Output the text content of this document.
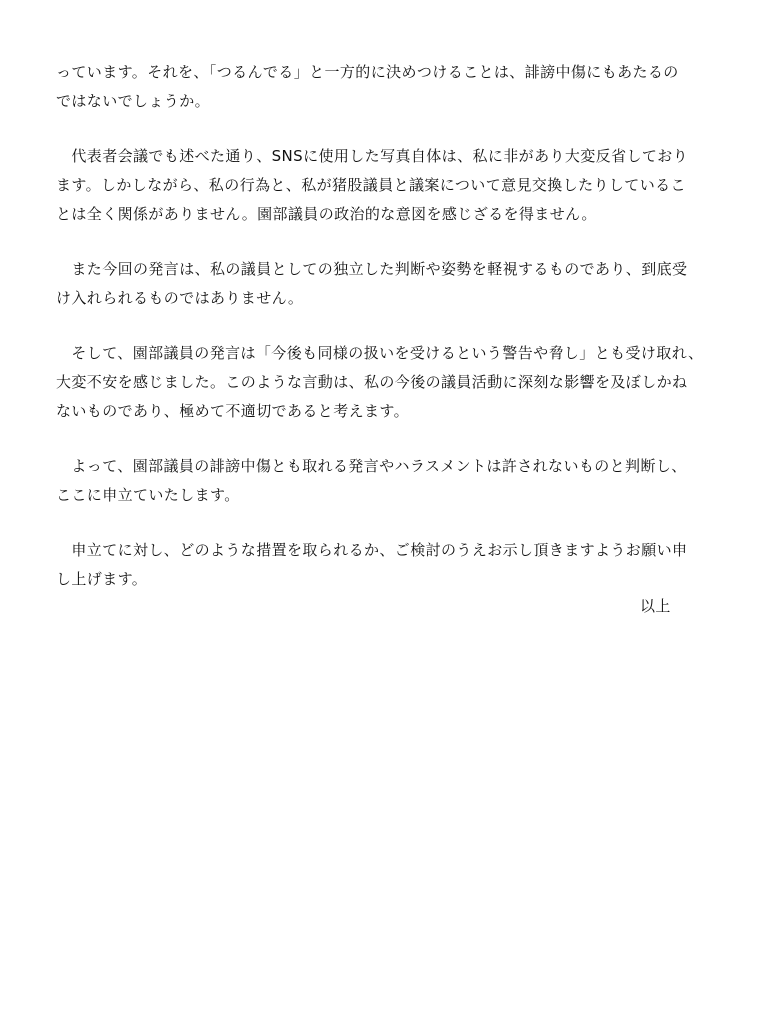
っています。それを、「つるんでる」と一方的に決めつけることは、誹謗中傷にもあたるの
ではないでしょうか。

　代表者会議でも述べた通り、SNSに使用した写真自体は、私に非があり大変反省しており
ます。しかしながら、私の行為と、私が猪股議員と議案について意見交換したりしているこ
とは全く関係がありません。園部議員の政治的な意図を感じざるを得ません。

　また今回の発言は、私の議員としての独立した判断や姿勢を軽視するものであり、到底受
け入れられるものではありません。

　そして、園部議員の発言は「今後も同様の扱いを受けるという警告や脅し」とも受け取れ、
大変不安を感じました。このような言動は、私の今後の議員活動に深刻な影響を及ぼしかね
ないものであり、極めて不適切であると考えます。

　よって、園部議員の誹謗中傷とも取れる発言やハラスメントは許されないものと判断し、
ここに申立ていたします。

　申立てに対し、どのような措置を取られるか、ご検討のうえお示し頂きますようお願い申
し上げます。

以上
